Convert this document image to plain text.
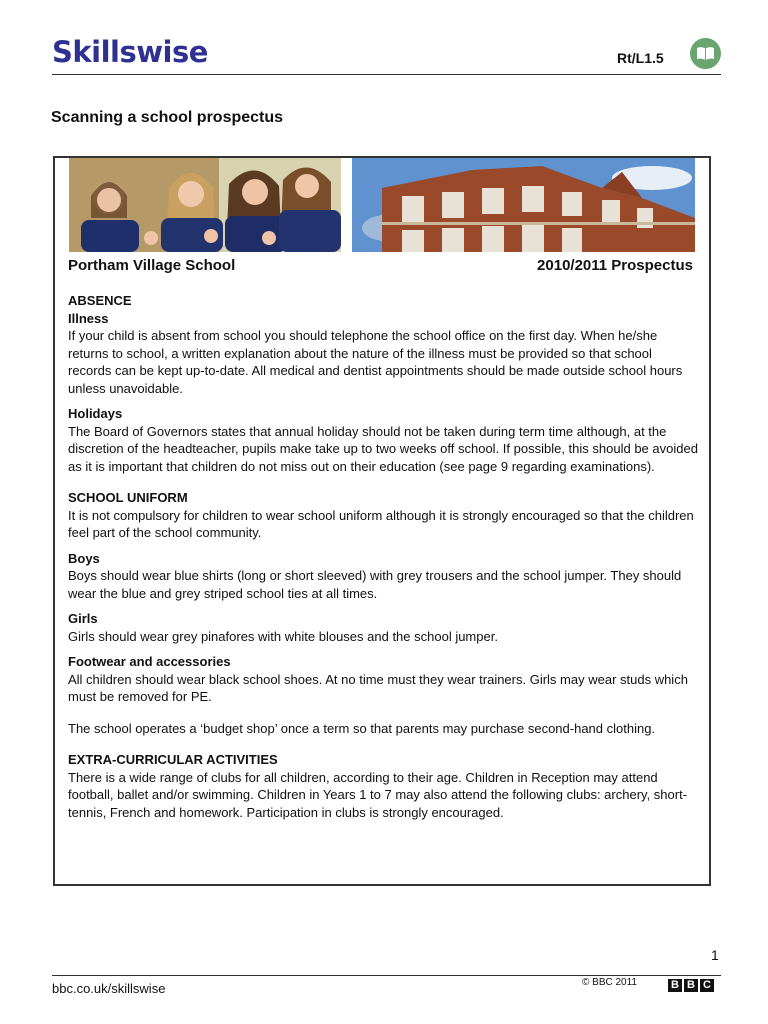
Skillswise	Rt/L1.5
Scanning a school prospectus
Portham Village School	2010/2011 Prospectus
ABSENCE
Illness

If your child is absent from school you should telephone the school office on the first day. When he/she returns to school, a written explanation about the nature of the illness must be provided so that school records can be kept up-to-date. All medical and dentist appointments should be made outside school hours unless unavoidable.

Holidays

The Board of Governors states that annual holiday should not be taken during term time although, at the discretion of the headteacher, pupils make take up to two weeks off school. If possible, this should be avoided as it is important that children do not miss out on their education (see page 9 regarding examinations).

SCHOOL UNIFORM

It is not compulsory for children to wear school uniform although it is strongly encouraged so that the children feel part of the school community.

Boys

Boys should wear blue shirts (long or short sleeved) with grey trousers and the school jumper. They should wear the blue and grey striped school ties at all times.

Girls

Girls should wear grey pinafores with white blouses and the school jumper.

Footwear and accessories

All children should wear black school shoes. At no time must they wear trainers. Girls may wear studs which must be removed for PE.

The school operates a ‘budget shop’ once a term so that parents may purchase second-hand clothing.

EXTRA-CURRICULAR ACTIVITIES

There is a wide range of clubs for all children, according to their age. Children in Reception may attend football, ballet and/or swimming. Children in Years 1 to 7 may also attend the following clubs: archery, short-tennis, French and homework. Participation in clubs is strongly encouraged.

1
bbc.co.uk/skillswise	© BBC 2011	B B C
